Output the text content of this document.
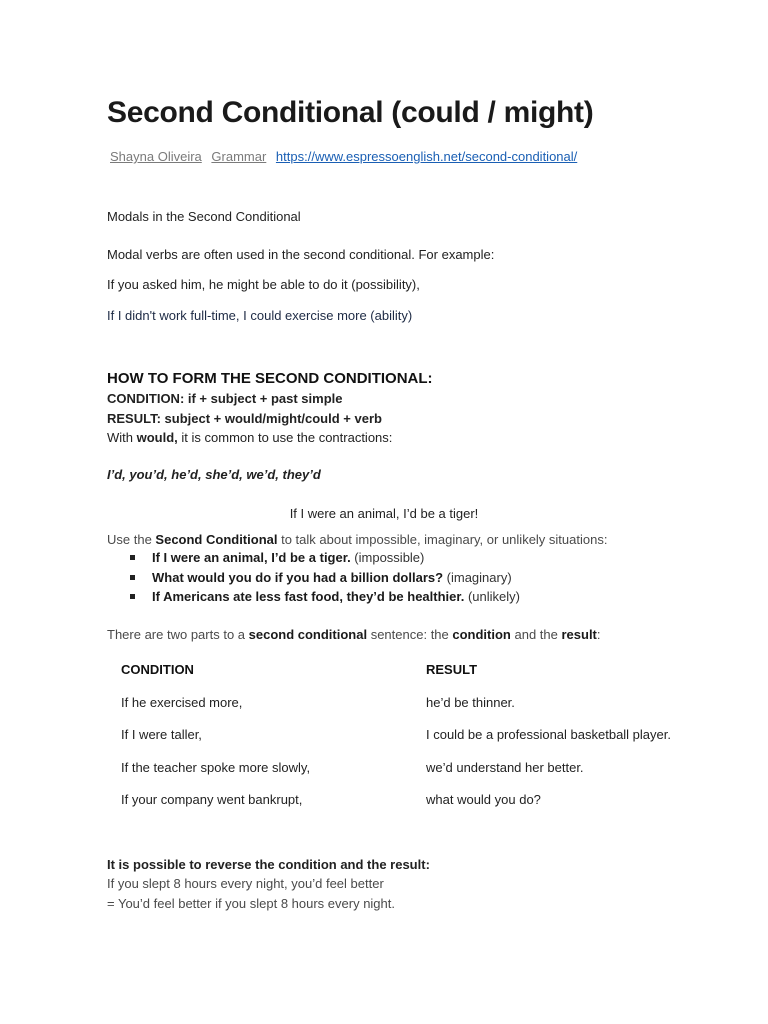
Second Conditional (could / might)
Shayna Oliveira Grammar https://www.espressoenglish.net/second-conditional/
Modals in the Second Conditional
Modal verbs are often used in the second conditional. For example:
If you asked him, he might be able to do it (possibility),
If I didn't work full-time, I could exercise more (ability)
HOW TO FORM THE SECOND CONDITIONAL:
CONDITION: if + subject + past simple
RESULT: subject + would/might/could + verb
With would, it is common to use the contractions:
I’d, you’d, he’d, she’d, we’d, they’d
If I were an animal, I’d be a tiger!
Use the Second Conditional to talk about impossible, imaginary, or unlikely situations:
If I were an animal, I’d be a tiger. (impossible)
What would you do if you had a billion dollars? (imaginary)
If Americans ate less fast food, they’d be healthier. (unlikely)
There are two parts to a second conditional sentence: the condition and the result:
CONDITION	RESULT
If he exercised more,	he’d be thinner.
If I were taller,	I could be a professional basketball player.
If the teacher spoke more slowly,	we’d understand her better.
If your company went bankrupt,	what would you do?
It is possible to reverse the condition and the result:
If you slept 8 hours every night, you’d feel better
= You’d feel better if you slept 8 hours every night.
